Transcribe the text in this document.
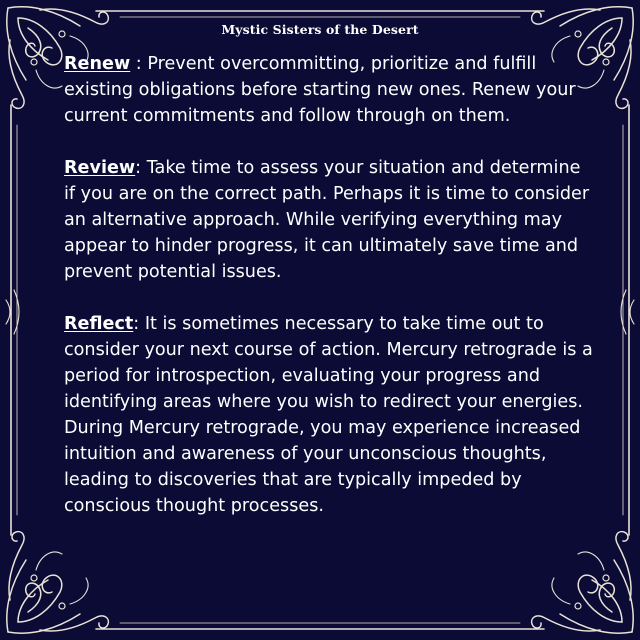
Mystic Sisters of the Desert

Renew : Prevent overcommitting, prioritize and fulfill existing obligations before starting new ones. Renew your current commitments and follow through on them.

Review: Take time to assess your situation and determine if you are on the correct path. Perhaps it is time to consider an alternative approach. While verifying everything may appear to hinder progress, it can ultimately save time and prevent potential issues.

Reflect: It is sometimes necessary to take time out to consider your next course of action. Mercury retrograde is a period for introspection, evaluating your progress and identifying areas where you wish to redirect your energies. During Mercury retrograde, you may experience increased intuition and awareness of your unconscious thoughts, leading to discoveries that are typically impeded by conscious thought processes.
